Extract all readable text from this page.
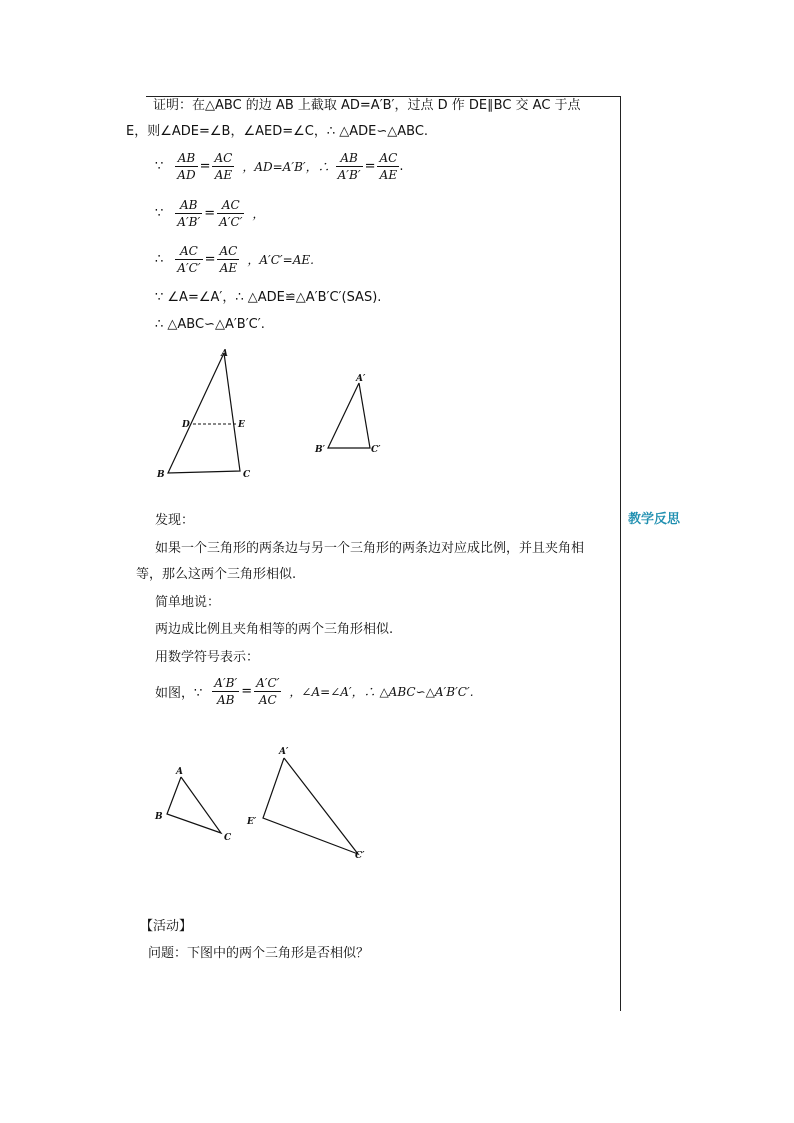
教学反思
证明：在△ABC 的边 AB 上截取 AD=A′B′，过点 D 作 DE∥BC 交 AC 于点
E，则∠ADE=∠B，∠AED=∠C，∴ △ADE∽△ABC.
∵ $\frac{AB}{AD} = \frac{AC}{AE}$ ，AD=A′B′，∴ $\frac{AB}{A'B'} = \frac{AC}{AE}$ .
∵ $\frac{AB}{A'B'} = \frac{AC}{A'C'}$ ，
∴ $\frac{AC}{A'C'} = \frac{AC}{AE}$ ，A′C′=AE.
∵ ∠A=∠A′，∴ △ADE≌△A′B′C′(SAS).
∴ △ABC∽△A′B′C′.
A
B	C
D	E
A′
B′	C′
发现：
如果一个三角形的两条边与另一个三角形的两条边对应成比例，并且夹角相
等，那么这两个三角形相似.
简单地说：
两边成比例且夹角相等的两个三角形相似.
用数学符号表示：
如图，∵ $\frac{A'B'}{AB} = \frac{A'C'}{AC}$ ，∠A=∠A′，∴ △ABC∽△A′B′C′.
A
B
C
A′
E′
C′
【活动】
问题：下图中的两个三角形是否相似？
